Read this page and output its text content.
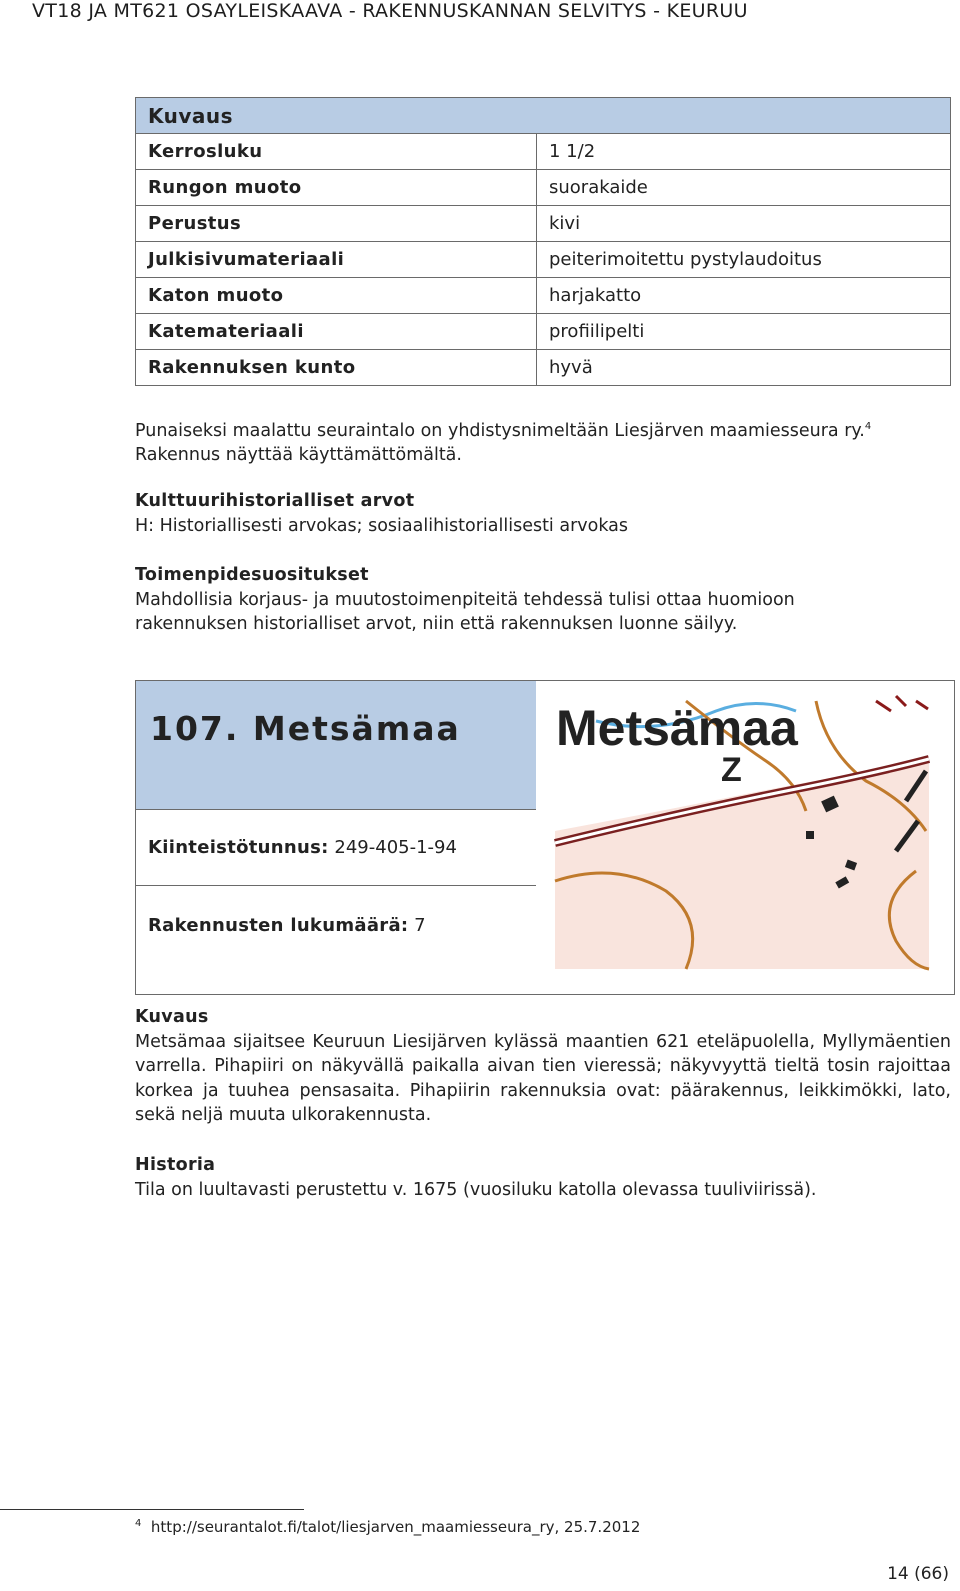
VT18 JA MT621 OSAYLEISKAAVA - RAKENNUSKANNAN SELVITYS - KEURUU
Kuvaus	
Kerrosluku	1 1/2
Rungon muoto	suorakaide
Perustus	kivi
Julkisivumateriaali	peiterimoitettu pystylaudoitus
Katon muoto	harjakatto
Katemateriaali	profiilipelti
Rakennuksen kunto	hyvä
Punaiseksi maalattu seuraintalo on yhdistysnimeltään Liesjärven maamiesseura ry.$^4$
Rakennus näyttää käyttämättömältä.
Kulttuurihistorialliset arvot
H: Historiallisesti arvokas; sosiaalihistoriallisesti arvokas
Toimenpidesuositukset
Mahdollisia korjaus- ja muutostoimenpiteitä tehdessä tulisi ottaa huomioon rakennuksen historialliset arvot, niin että rakennuksen luonne säilyy.
107. Metsämaa
Kiinteistötunnus: 249-405-1-94
Rakennusten lukumäärä: 7
Z
Metsämaa
Kuvaus
Metsämaa sijaitsee Keuruun Liesijärven kylässä maantien 621 eteläpuolella, Myllymäentien varrella. Pihapiiri on näkyvällä paikalla aivan tien vieressä; näkyvyyttä tieltä tosin rajoittaa korkea ja tuuhea pensasaita. Pihapiirin rakennuksia ovat: päärakennus, leikkimökki, lato, sekä neljä muuta ulkorakennusta.
Historia
Tila on luultavasti perustettu v. 1675 (vuosiluku katolla olevassa tuuliviirissä).
$^4$ http://seurantalot.fi/talot/liesjarven_maamiesseura_ry, 25.7.2012
14 (66)
